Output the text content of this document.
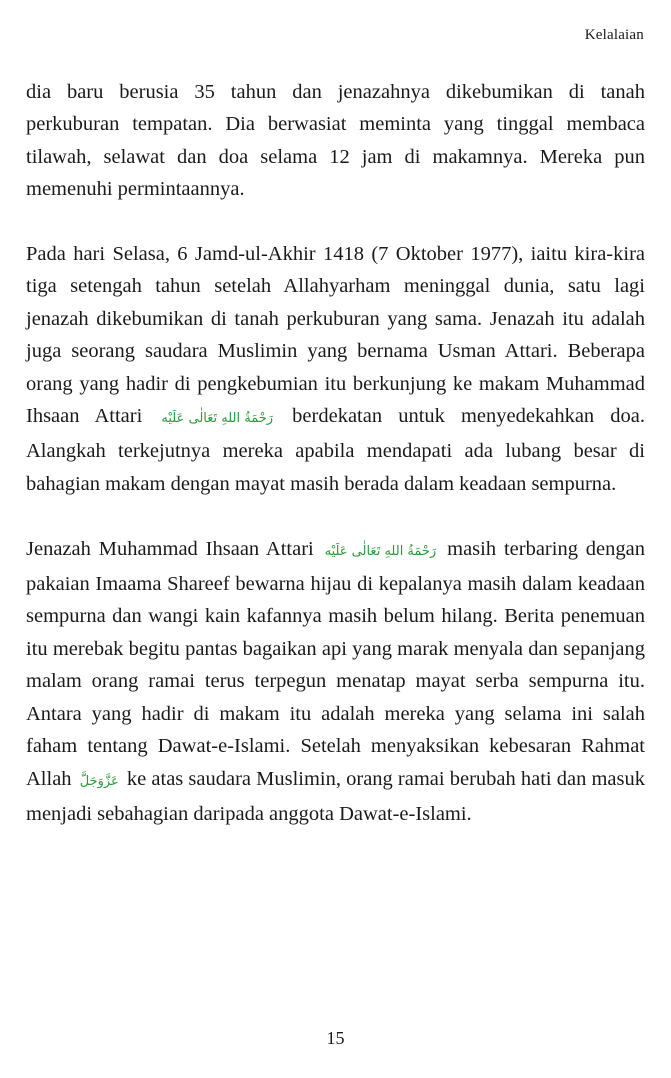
Kelalaian

dia baru berusia 35 tahun dan jenazahnya dikebumikan di tanah perkuburan tempatan. Dia berwasiat meminta yang tinggal membaca tilawah, selawat dan doa selama 12 jam di makamnya. Mereka pun memenuhi permintaannya.

Pada hari Selasa, 6 Jamd-ul-Akhir 1418 (7 Oktober 1977), iaitu kira-kira tiga setengah tahun setelah Allahyarham meninggal dunia, satu lagi jenazah dikebumikan di tanah perkuburan yang sama. Jenazah itu adalah juga seorang saudara Muslimin yang bernama Usman Attari. Beberapa orang yang hadir di pengkebumian itu berkunjung ke makam Muhammad Ihsaan Attari رَحْمَةُ اللهِ تَعَالٰى عَلَيْه berdekatan untuk menyedekahkan doa. Alangkah terkejutnya mereka apabila mendapati ada lubang besar di bahagian makam dengan mayat masih berada dalam keadaan sempurna.

Jenazah Muhammad Ihsaan Attari رَحْمَةُ اللهِ تَعَالٰى عَلَيْه masih terbaring dengan pakaian Imaama Shareef bewarna hijau di kepalanya masih dalam keadaan sempurna dan wangi kain kafannya masih belum hilang. Berita penemuan itu merebak begitu pantas bagaikan api yang marak menyala dan sepanjang malam orang ramai terus terpegun menatap mayat serba sempurna itu. Antara yang hadir di makam itu adalah mereka yang selama ini salah faham tentang Dawat-e-Islami. Setelah menyaksikan kebesaran Rahmat Allah عَزَّوَجَلَّ ke atas saudara Muslimin, orang ramai berubah hati dan masuk menjadi sebahagian daripada anggota Dawat-e-Islami.

15
